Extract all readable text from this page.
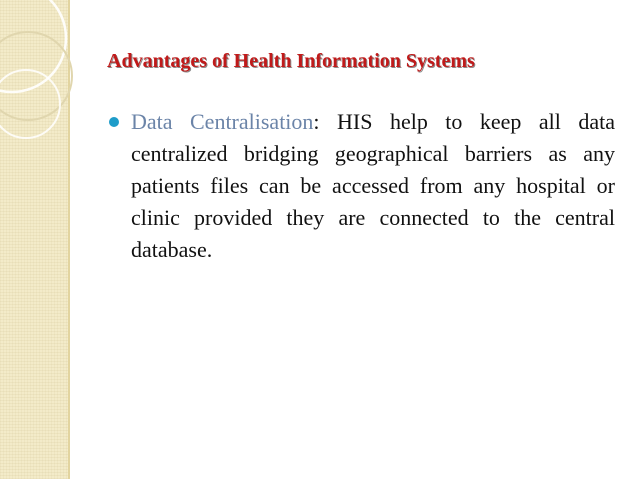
Advantages of Health Information Systems
Data Centralisation: HIS help to keep all data centralized bridging geographical barriers as any patients files can be accessed from any hospital or clinic provided they are connected to the central database.
